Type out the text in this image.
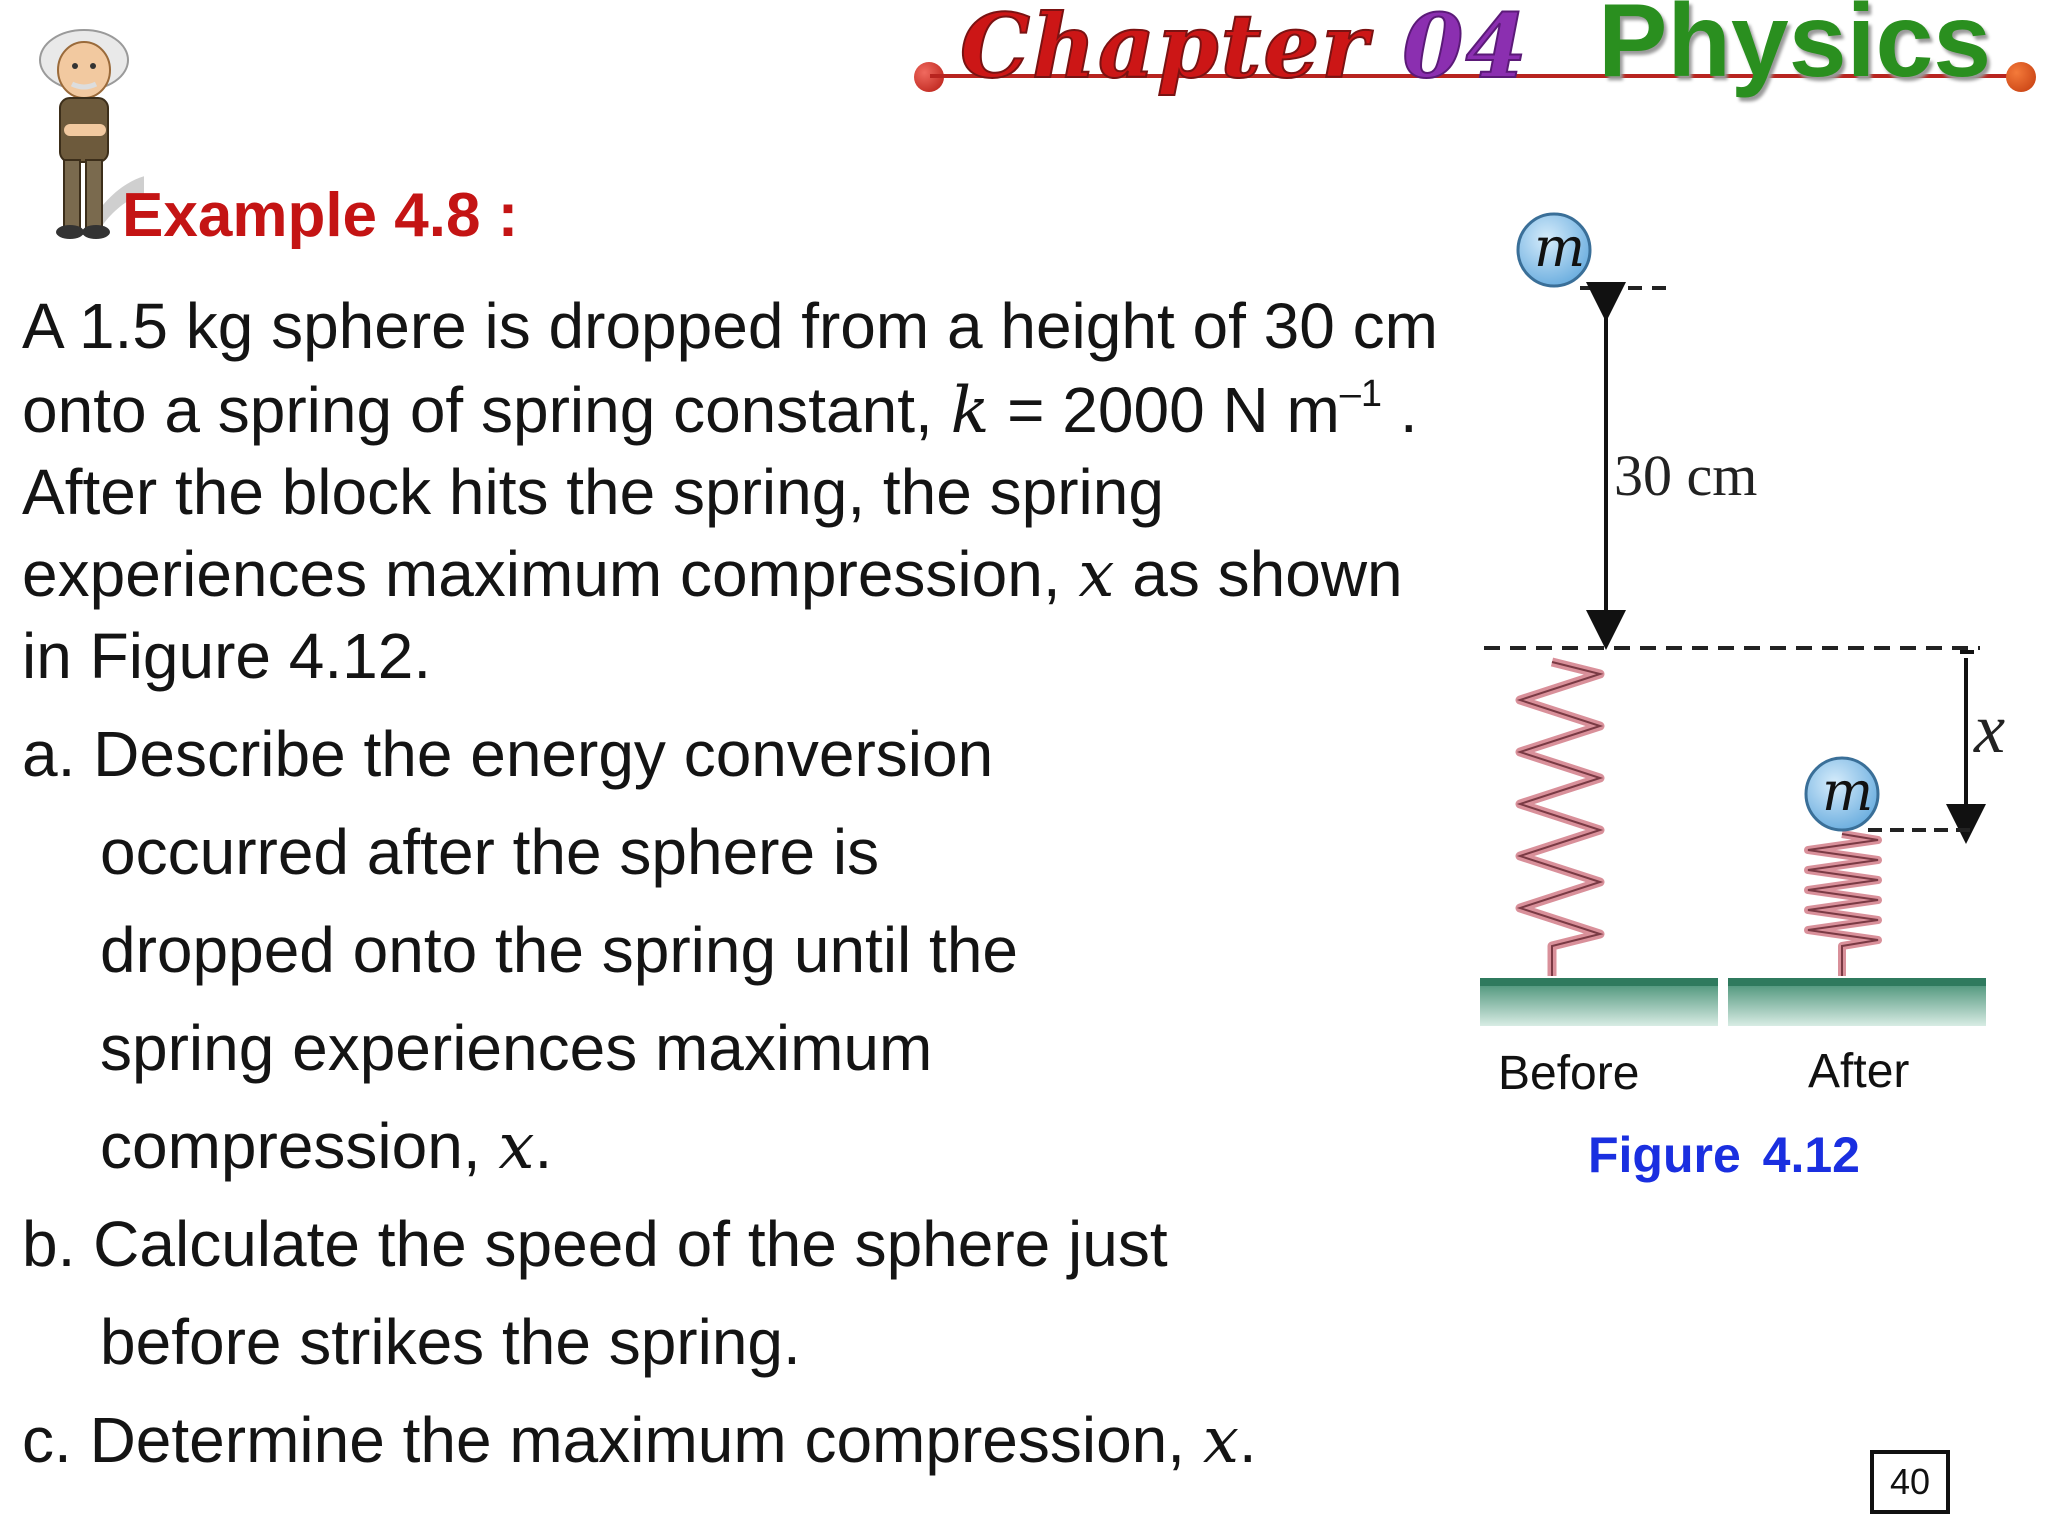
Chapter 04 Physics
Example 4.8 :
A 1.5 kg sphere is dropped from a height of 30 cm
onto a spring of spring constant, k = 2000 N $m^{-1}$ .
After the block hits the spring, the spring
experiences maximum compression, x as shown
in Figure 4.12.
a. Describe the energy conversion
occurred after the sphere is
dropped onto the spring until the
spring experiences maximum
compression, x.
b. Calculate the speed of the sphere just
before strikes the spring.
c. Determine the maximum compression, x.
m
m
30 cm
x
Before	After
Figure 4.12
40
